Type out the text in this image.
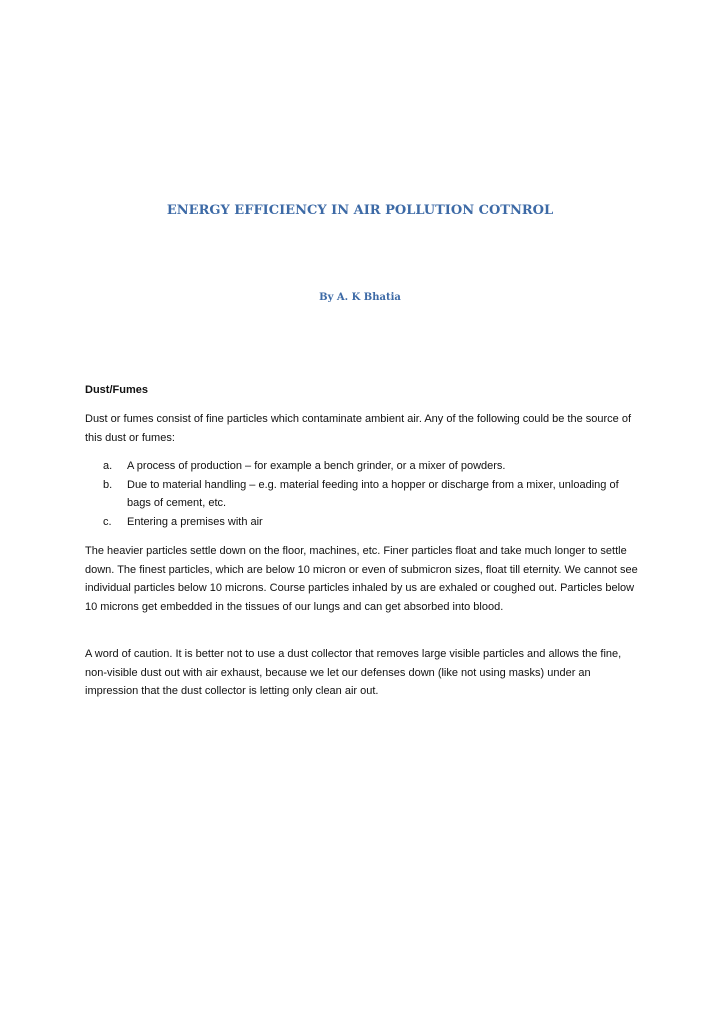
ENERGY EFFICIENCY IN AIR POLLUTION COTNROL
By A. K Bhatia
Dust/Fumes

Dust or fumes consist of fine particles which contaminate ambient air. Any of the following could be the source of this dust or fumes:

a.	A process of production – for example a bench grinder, or a mixer of powders.
b.	Due to material handling – e.g. material feeding into a hopper or discharge from a mixer, unloading of bags of cement, etc.
c.	Entering a premises with air

The heavier particles settle down on the floor, machines, etc. Finer particles float and take much longer to settle down. The finest particles, which are below 10 micron or even of submicron sizes, float till eternity. We cannot see individual particles below 10 microns. Course particles inhaled by us are exhaled or coughed out. Particles below 10 microns get embedded in the tissues of our lungs and can get absorbed into blood.

A word of caution. It is better not to use a dust collector that removes large visible particles and allows the fine, non-visible dust out with air exhaust, because we let our defenses down (like not using masks) under an impression that the dust collector is letting only clean air out.
